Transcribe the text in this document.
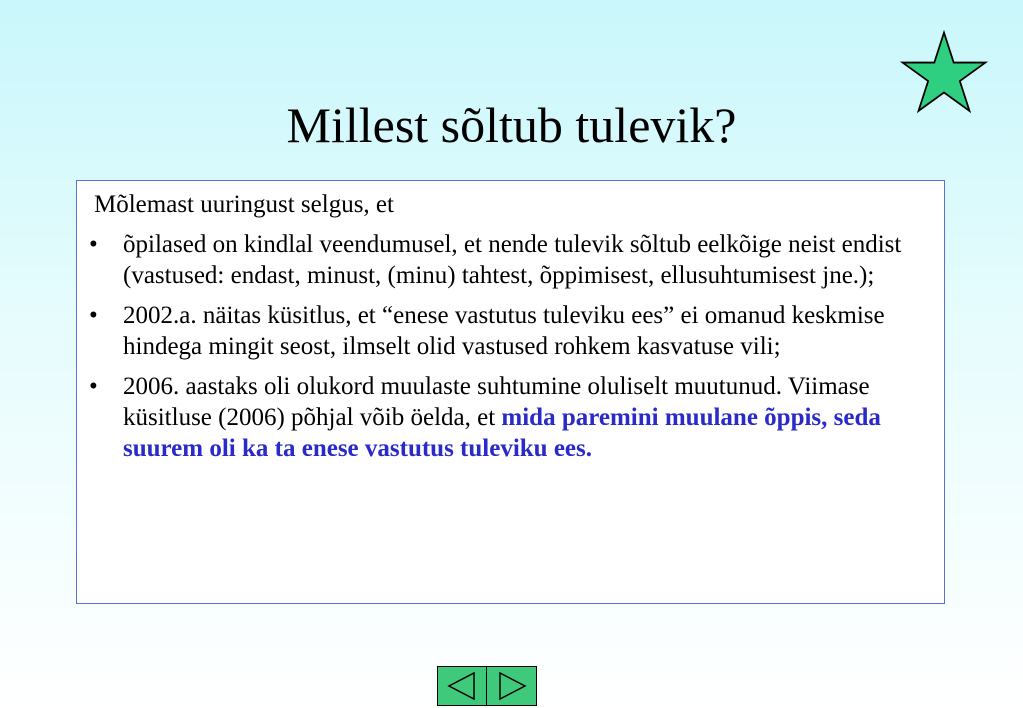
Millest sõltub tulevik?
Mõlemast uuringust selgus, et
• õpilased on kindlal veendumusel, et nende tulevik sõltub eelkõige neist endist (vastused: endast, minust, (minu) tahtest, õppimisest, ellusuhtumisest jne.);
• 2002.a. näitas küsitlus, et “enese vastutus tuleviku ees” ei omanud keskmise hindega mingit seost, ilmselt olid vastused rohkem kasvatuse vili;
• 2006. aastaks oli olukord muulaste suhtumine oluliselt muutunud. Viimase küsitluse (2006) põhjal võib öelda, et mida paremini muulane õppis, seda suurem oli ka ta enese vastutus tuleviku ees.
